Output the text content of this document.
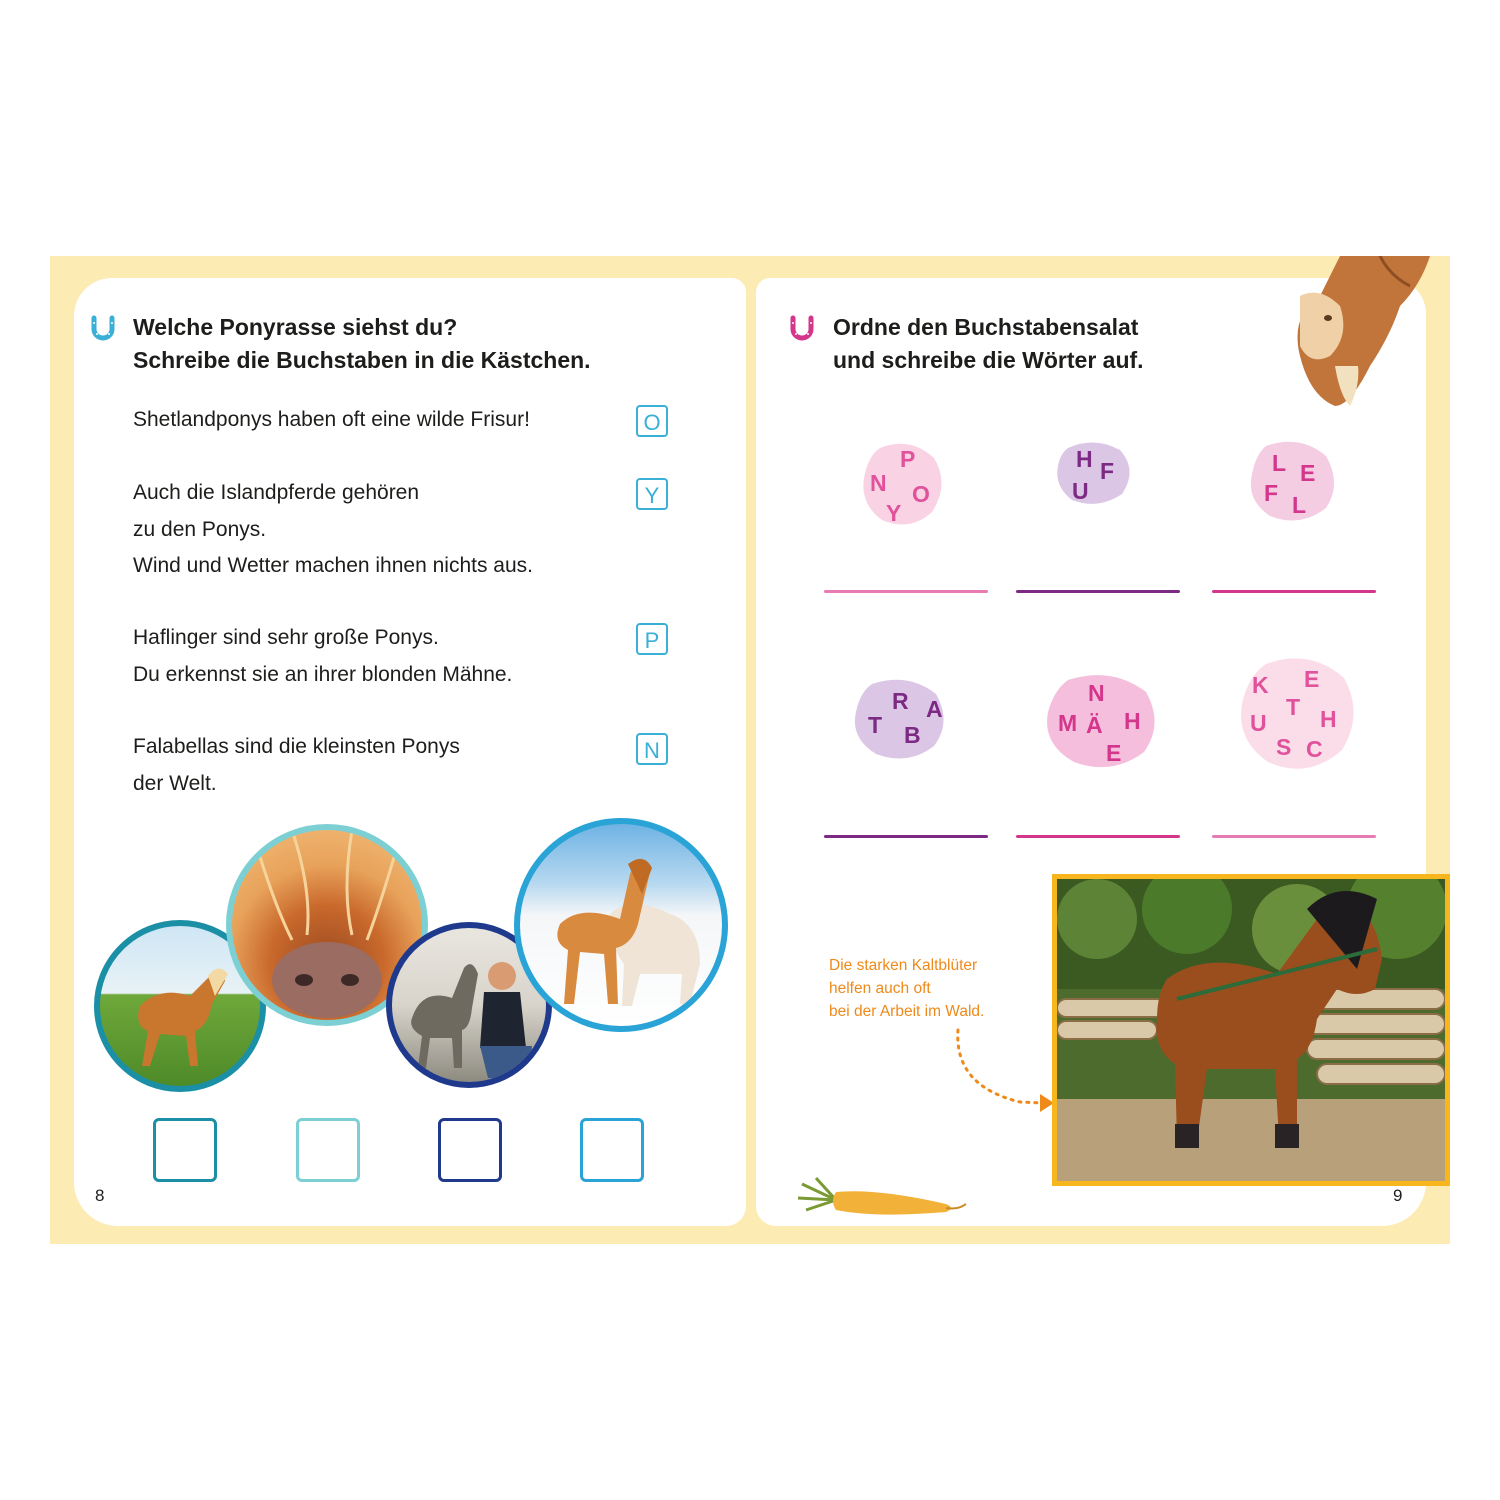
Welche Ponyrasse siehst du?
Schreibe die Buchstaben in die Kästchen.
Shetlandponys haben oft eine wilde Frisur!	O
Auch die Islandpferde gehören
zu den Ponys.
Wind und Wetter machen ihnen nichts aus.
Y
Haflinger sind sehr große Ponys.
Du erkennst sie an ihrer blonden Mähne.
P
Falabellas sind die kleinsten Ponys
der Welt.
N
8
Ordne den Buchstabensalat
und schreibe die Wörter auf.
P
N O
Y
H F
U
L E
F L
R A
T B
N
M Ä H
E
K E
T
U H
S C
Die starken Kaltblüter
helfen auch oft
bei der Arbeit im Wald.
9
